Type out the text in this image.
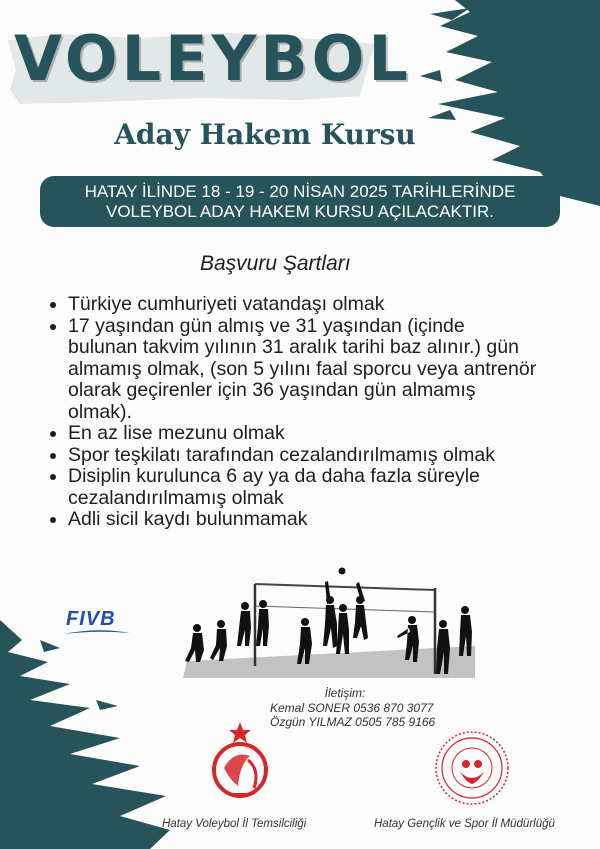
VOLEYBOL
Aday Hakem Kursu
HATAY İLİNDE 18 - 19 - 20 NİSAN 2025 TARİHLERİNDE
VOLEYBOL ADAY HAKEM KURSU AÇILACAKTIR.
Başvuru Şartları
• Türkiye cumhuriyeti vatandaşı olmak
• 17 yaşından gün almış ve 31 yaşından (içinde bulunan takvim yılının 31 aralık tarihi baz alınır.) gün almamış olmak, (son 5 yılını faal sporcu veya antrenör olarak geçirenler için 36 yaşından gün almamış olmak).
• En az lise mezunu olmak
• Spor teşkilatı tarafından cezalandırılmamış olmak
• Disiplin kurulunca 6 ay ya da daha fazla süreyle cezalandırılmamış olmak
• Adli sicil kaydı bulunmamak
FIVB
İletişim:
Kemal SONER 0536 870 3077
Özgün YILMAZ 0505 785 9166
Hatay Voleybol İl Temsilciliği	Hatay Gençlik ve Spor İl Müdürlüğü
